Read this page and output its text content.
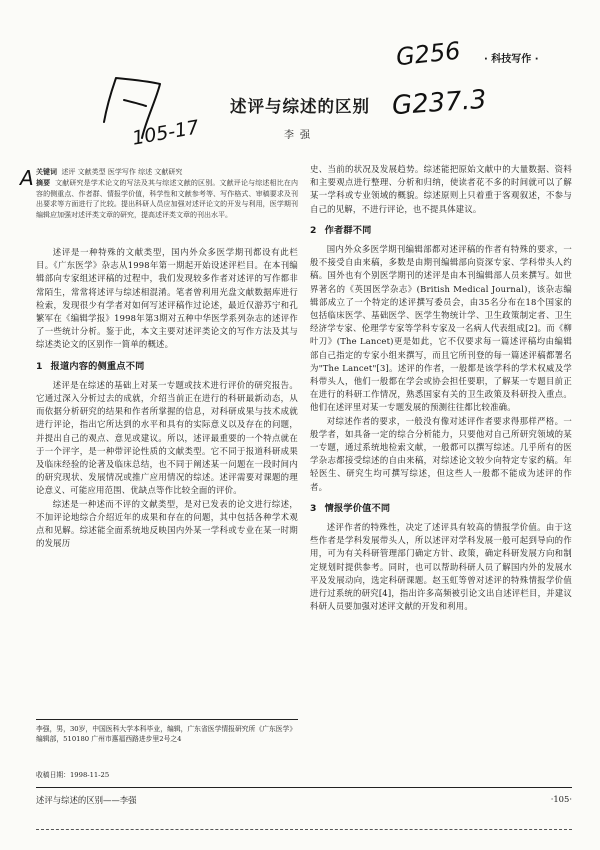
· 科技写作 ·
G256
G237.3
105-17
A
述评与综述的区别
李强
关键词 述评 文献类型 医学写作 综述 文献研究
摘要 文献研究是学术论文的写法及其与综述文献的区别。文献评论与综述相比在内容的侧重点、作者群、情报学价值，科学性和文献参考等、写作格式、审稿要求及刊出要求等方面进行了比较。提出科研人员应加强对述评论文的开发与利用，医学期刊编辑应加强对述评类文章的研究，提高述评类文章的刊出水平。

述评是一种特殊的文献类型，国内外众多医学期刊都设有此栏目。《广东医学》杂志从1998年第一期起开始设述评栏目。在本刊编辑部向专家组述评稿的过程中，我们发现较多作者对述评的写作都非常陌生，常常将述评与综述相混淆。笔者曾利用光盘文献数据库进行检索，发现很少有学者对如何写述评稿作过论述，最近仅游苏宁和孔繁军在《编辑学报》1998年第3期对五种中华医学系列杂志的述评作了一些统计分析。鉴于此，本文主要对述评类论文的写作方法及其与综述类论文的区别作一简单的概述。

1 报道内容的侧重点不同

述评是在综述的基础上对某一专题或技术进行评价的研究报告。它通过深入分析过去的成就，介绍当前正在进行的科研最新动态，从而依据分析研究的结果和作者所掌握的信息，对科研成果与技术成就进行评论，指出它所达到的水平和具有的实际意义以及存在的问题，并提出自己的观点、意见或建议。所以，述评最重要的一个特点就在于一个评字，是一种带评论性质的文献类型。它不同于报道科研成果及临床经验的论著及临床总结，也不同于阐述某一问题在一段时间内的研究现状、发展情况或推广应用情况的综述。述评需要对课题的理论意义、可能应用范围、优缺点等作比较全面的评价。

综述是一种述而不评的文献类型，是对已发表的论文进行综述，不加评论地综合介绍近年的成果和存在的问题，其中包括各种学术观点和见解。综述能全面系统地反映国内外某一学科或专业在某一时期的发展历

史、当前的状况及发展趋势。综述能把原始文献中的大量数据、资料和主要观点进行整理、分析和归纳，使读者花不多的时间就可以了解某一学科或专业领域的概貌。综述原则上只着重于客观叙述，不参与自己的见解，不进行评论，也不提具体建议。

2 作者群不同

国内外众多医学期刊编辑部都对述评稿的作者有特殊的要求，一般不接受自由来稿，多数是由期刊编辑部向资深专家、学科带头人约稿。国外也有个别医学期刊的述评是由本刊编辑部人员来撰写。如世界著名的《英国医学杂志》(British Medical Journal)，该杂志编辑部成立了一个特定的述评撰写委员会，由35名分布在18个国家的包括临床医学、基础医学、医学生物统计学、卫生政策制定者、卫生经济学专家、伦理学专家等学科专家及一名病人代表组成[2]。而《柳叶刀》(The Lancet)更是如此，它不仅要求每一篇述评稿均由编辑部自己指定的专家小组来撰写，而且它所刊登的每一篇述评稿都署名为"The Lancet"[3]。述评的作者，一般都是该学科的学术权威及学科带头人，他们一般都在学会或协会担任要职，了解某一专题目前正在进行的科研工作情况，熟悉国家有关的卫生政策及科研投入重点。他们在述评里对某一专题发展的预测往往都比较准确。

对综述作者的要求，一般没有像对述评作者要求得那样严格。一般学者，如具备一定的综合分析能力，只要他对自己所研究领域的某一专题，通过系统地检索文献，一般都可以撰写综述。几乎所有的医学杂志都接受综述的自由来稿，对综述论文较少向特定专家约稿。年轻医生、研究生均可撰写综述，但这些人一般都不能成为述评的作者。

3 情报学价值不同

述评作者的特殊性，决定了述评具有较高的情报学价值。由于这些作者是学科发展带头人，所以述评对学科发展一般可起到导向的作用，可为有关科研管理部门确定方针、政策，确定科研发展方向和制定规划时提供参考。同时，也可以帮助科研人员了解国内外的发展水平及发展动向，选定科研课题。赵玉虹等曾对述评的特殊情报学价值进行过系统的研究[4]，指出许多高频被引论文出自述评栏目，并建议科研人员要加强对述评文献的开发和利用。

李强，男，30岁，中国医科大学本科毕业，编辑，广东省医学情报研究所《广东医学》编辑部，510180 广州市惠福西路进步里2号之4
收稿日期：1998-11-25
述评与综述的区别——李强	·105·
